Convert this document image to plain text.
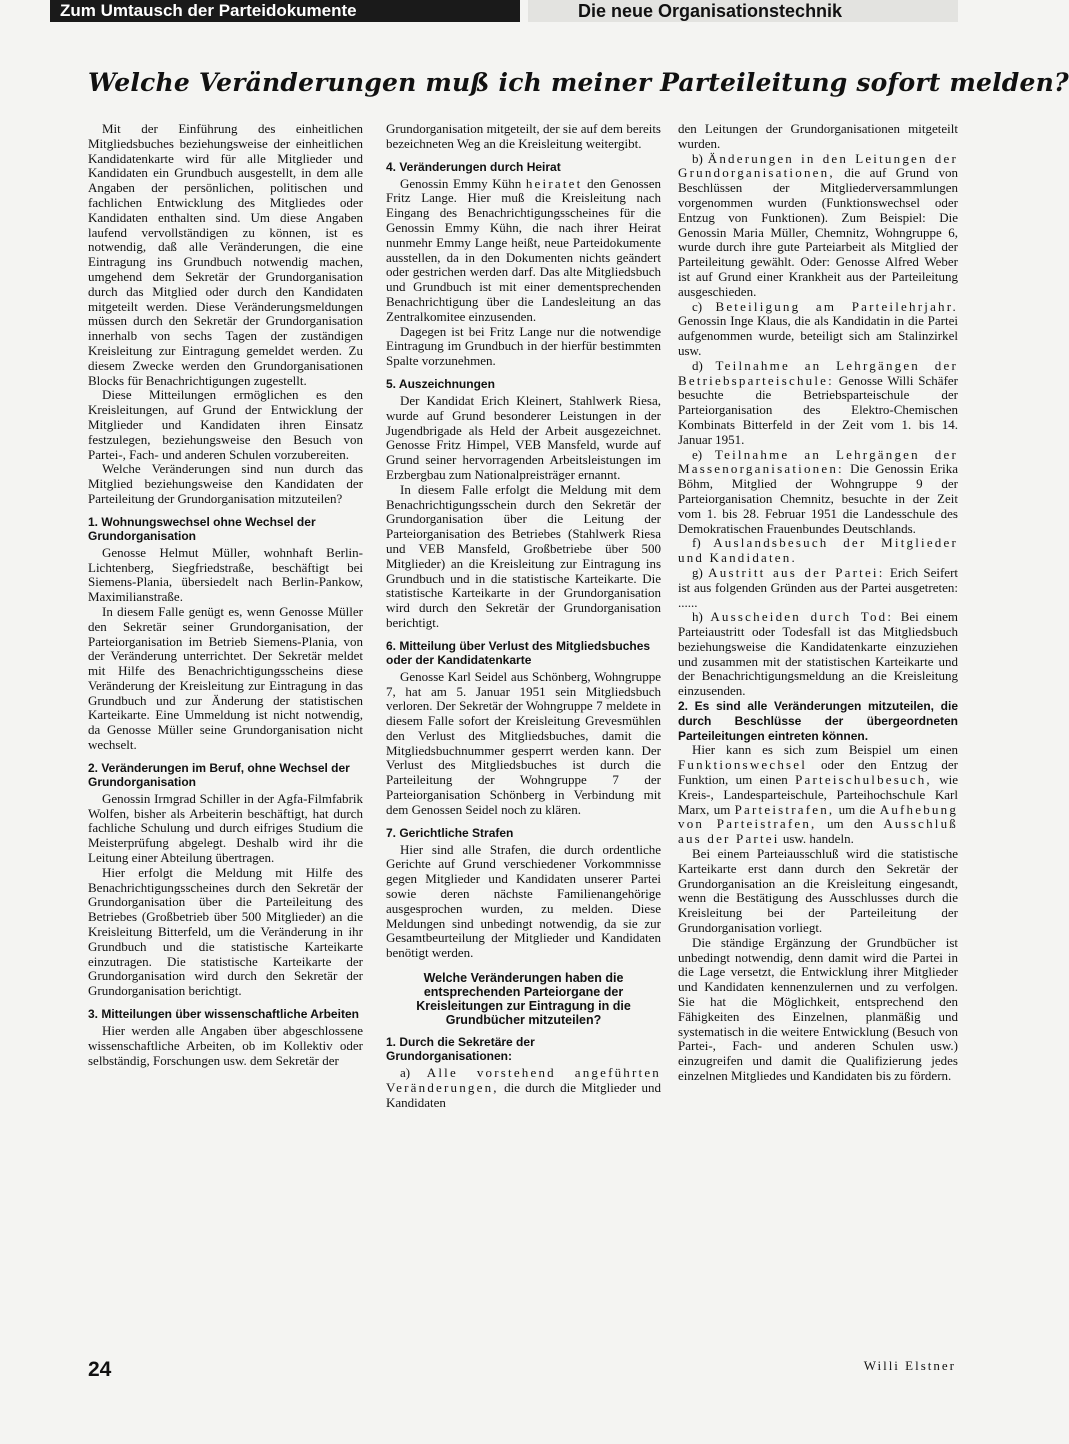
Zum Umtausch der Parteidokumente	Die neue Organisationstechnik
Welche Veränderungen muß ich meiner Parteileitung sofort melden?

Mit der Einführung des einheitlichen Mitgliedsbuches beziehungsweise der einheitlichen Kandidatenkarte wird für alle Mitglieder und Kandidaten ein Grundbuch ausgestellt, in dem alle Angaben der persönlichen, politischen und fachlichen Entwicklung des Mitgliedes oder Kandidaten enthalten sind. Um diese Angaben laufend vervollständigen zu können, ist es notwendig, daß alle Veränderungen, die eine Eintragung ins Grundbuch notwendig machen, umgehend dem Sekretär der Grundorganisation durch das Mitglied oder durch den Kandidaten mitgeteilt werden. Diese Veränderungsmeldungen müssen durch den Sekretär der Grundorganisation innerhalb von sechs Tagen der zuständigen Kreisleitung zur Eintragung gemeldet werden. Zu diesem Zwecke werden den Grundorganisationen Blocks für Benachrichtigungen zugestellt.

Diese Mitteilungen ermöglichen es den Kreisleitungen, auf Grund der Entwicklung der Mitglieder und Kandidaten ihren Einsatz festzulegen, beziehungsweise den Besuch von Partei-, Fach- und anderen Schulen vorzubereiten.

Welche Veränderungen sind nun durch das Mitglied beziehungsweise den Kandidaten der Parteileitung der Grundorganisation mitzuteilen?

1. Wohnungswechsel ohne Wechsel der Grundorganisation

Genosse Helmut Müller, wohnhaft Berlin-Lichtenberg, Siegfriedstraße, beschäftigt bei Siemens-Plania, übersiedelt nach Berlin-Pankow, Maximilianstraße.

In diesem Falle genügt es, wenn Genosse Müller den Sekretär seiner Grundorganisation, der Parteiorganisation im Betrieb Siemens-Plania, von der Veränderung unterrichtet. Der Sekretär meldet mit Hilfe des Benachrichtigungsscheins diese Veränderung der Kreisleitung zur Eintragung in das Grundbuch und zur Änderung der statistischen Karteikarte. Eine Ummeldung ist nicht notwendig, da Genosse Müller seine Grundorganisation nicht wechselt.

2. Veränderungen im Beruf, ohne Wechsel der Grundorganisation

Genossin Irmgrad Schiller in der Agfa-Filmfabrik Wolfen, bisher als Arbeiterin beschäftigt, hat durch fachliche Schulung und durch eifriges Studium die Meisterprüfung abgelegt. Deshalb wird ihr die Leitung einer Abteilung übertragen.

Hier erfolgt die Meldung mit Hilfe des Benachrichtigungsscheines durch den Sekretär der Grundorganisation über die Parteileitung des Betriebes (Großbetrieb über 500 Mitglieder) an die Kreisleitung Bitterfeld, um die Veränderung in ihr Grundbuch und die statistische Karteikarte einzutragen. Die statistische Karteikarte der Grundorganisation wird durch den Sekretär der Grundorganisation berichtigt.

3. Mitteilungen über wissenschaftliche Arbeiten

Hier werden alle Angaben über abgeschlossene wissenschaftliche Arbeiten, ob im Kollektiv oder selbständig, Forschungen usw. dem Sekretär der

Grundorganisation mitgeteilt, der sie auf dem bereits bezeichneten Weg an die Kreisleitung weitergibt.

4. Veränderungen durch Heirat

Genossin Emmy Kühn heiratet den Genossen Fritz Lange. Hier muß die Kreisleitung nach Eingang des Benachrichtigungsscheines für die Genossin Emmy Kühn, die nach ihrer Heirat nunmehr Emmy Lange heißt, neue Parteidokumente ausstellen, da in den Dokumenten nichts geändert oder gestrichen werden darf. Das alte Mitgliedsbuch und Grundbuch ist mit einer dementsprechenden Benachrichtigung über die Landesleitung an das Zentralkomitee einzusenden.

Dagegen ist bei Fritz Lange nur die notwendige Eintragung im Grundbuch in der hierfür bestimmten Spalte vorzunehmen.

5. Auszeichnungen

Der Kandidat Erich Kleinert, Stahlwerk Riesa, wurde auf Grund besonderer Leistungen in der Jugendbrigade als Held der Arbeit ausgezeichnet. Genosse Fritz Himpel, VEB Mansfeld, wurde auf Grund seiner hervorragenden Arbeitsleistungen im Erzbergbau zum Nationalpreisträger ernannt.

In diesem Falle erfolgt die Meldung mit dem Benachrichtigungsschein durch den Sekretär der Grundorganisation über die Leitung der Parteiorganisation des Betriebes (Stahlwerk Riesa und VEB Mansfeld, Großbetriebe über 500 Mitglieder) an die Kreisleitung zur Eintragung ins Grundbuch und in die statistische Karteikarte. Die statistische Karteikarte in der Grundorganisation wird durch den Sekretär der Grundorganisation berichtigt.

6. Mitteilung über Verlust des Mitgliedsbuches oder der Kandidatenkarte

Genosse Karl Seidel aus Schönberg, Wohngruppe 7, hat am 5. Januar 1951 sein Mitgliedsbuch verloren. Der Sekretär der Wohngruppe 7 meldete in diesem Falle sofort der Kreisleitung Grevesmühlen den Verlust des Mitgliedsbuches, damit die Mitgliedsbuchnummer gesperrt werden kann. Der Verlust des Mitgliedsbuches ist durch die Parteileitung der Wohngruppe 7 der Parteiorganisation Schönberg in Verbindung mit dem Genossen Seidel noch zu klären.

7. Gerichtliche Strafen

Hier sind alle Strafen, die durch ordentliche Gerichte auf Grund verschiedener Vorkommnisse gegen Mitglieder und Kandidaten unserer Partei sowie deren nächste Familienangehörige ausgesprochen wurden, zu melden. Diese Meldungen sind unbedingt notwendig, da sie zur Gesamtbeurteilung der Mitglieder und Kandidaten benötigt werden.

Welche Veränderungen haben die entsprechenden Parteiorgane der Kreisleitungen zur Eintragung in die Grundbücher mitzuteilen?
1. Durch die Sekretäre der Grundorganisationen:

a) Alle vorstehend angeführten Veränderungen, die durch die Mitglieder und Kandidaten

den Leitungen der Grundorganisationen mitgeteilt wurden.

b) Änderungen in den Leitungen der Grundorganisationen, die auf Grund von Beschlüssen der Mitgliederversammlungen vorgenommen wurden (Funktionswechsel oder Entzug von Funktionen). Zum Beispiel: Die Genossin Maria Müller, Chemnitz, Wohngruppe 6, wurde durch ihre gute Parteiarbeit als Mitglied der Parteileitung gewählt. Oder: Genosse Alfred Weber ist auf Grund einer Krankheit aus der Parteileitung ausgeschieden.

c) Beteiligung am Parteilehrjahr. Genossin Inge Klaus, die als Kandidatin in die Partei aufgenommen wurde, beteiligt sich am Stalinzirkel usw.

d) Teilnahme an Lehrgängen der Betriebsparteischule: Genosse Willi Schäfer besuchte die Betriebsparteischule der Parteiorganisation des Elektro-Chemischen Kombinats Bitterfeld in der Zeit vom 1. bis 14. Januar 1951.

e) Teilnahme an Lehrgängen der Massenorganisationen: Die Genossin Erika Böhm, Mitglied der Wohngruppe 9 der Parteiorganisation Chemnitz, besuchte in der Zeit vom 1. bis 28. Februar 1951 die Landesschule des Demokratischen Frauenbundes Deutschlands.

f) Auslandsbesuch der Mitglieder und Kandidaten.

g) Austritt aus der Partei: Erich Seifert ist aus folgenden Gründen aus der Partei ausgetreten: ......

h) Ausscheiden durch Tod: Bei einem Parteiaustritt oder Todesfall ist das Mitgliedsbuch beziehungsweise die Kandidatenkarte einzuziehen und zusammen mit der statistischen Karteikarte und der Benachrichtigungsmeldung an die Kreisleitung einzusenden.

2. Es sind alle Veränderungen mitzuteilen, die durch Beschlüsse der übergeordneten Parteileitungen eintreten können.

Hier kann es sich zum Beispiel um einen Funktionswechsel oder den Entzug der Funktion, um einen Parteischulbesuch, wie Kreis-, Landesparteischule, Parteihochschule Karl Marx, um Parteistrafen, um die Aufhebung von Parteistrafen, um den Ausschluß aus der Partei usw. handeln.

Bei einem Parteiausschluß wird die statistische Karteikarte erst dann durch den Sekretär der Grundorganisation an die Kreisleitung eingesandt, wenn die Bestätigung des Ausschlusses durch die Kreisleitung bei der Parteileitung der Grundorganisation vorliegt.

Die ständige Ergänzung der Grundbücher ist unbedingt notwendig, denn damit wird die Partei in die Lage versetzt, die Entwicklung ihrer Mitglieder und Kandidaten kennenzulernen und zu verfolgen. Sie hat die Möglichkeit, entsprechend den Fähigkeiten des Einzelnen, planmäßig und systematisch in die weitere Entwicklung (Besuch von Partei-, Fach- und anderen Schulen usw.) einzugreifen und damit die Qualifizierung jedes einzelnen Mitgliedes und Kandidaten bis zu fördern.

Willi Elstner
24
